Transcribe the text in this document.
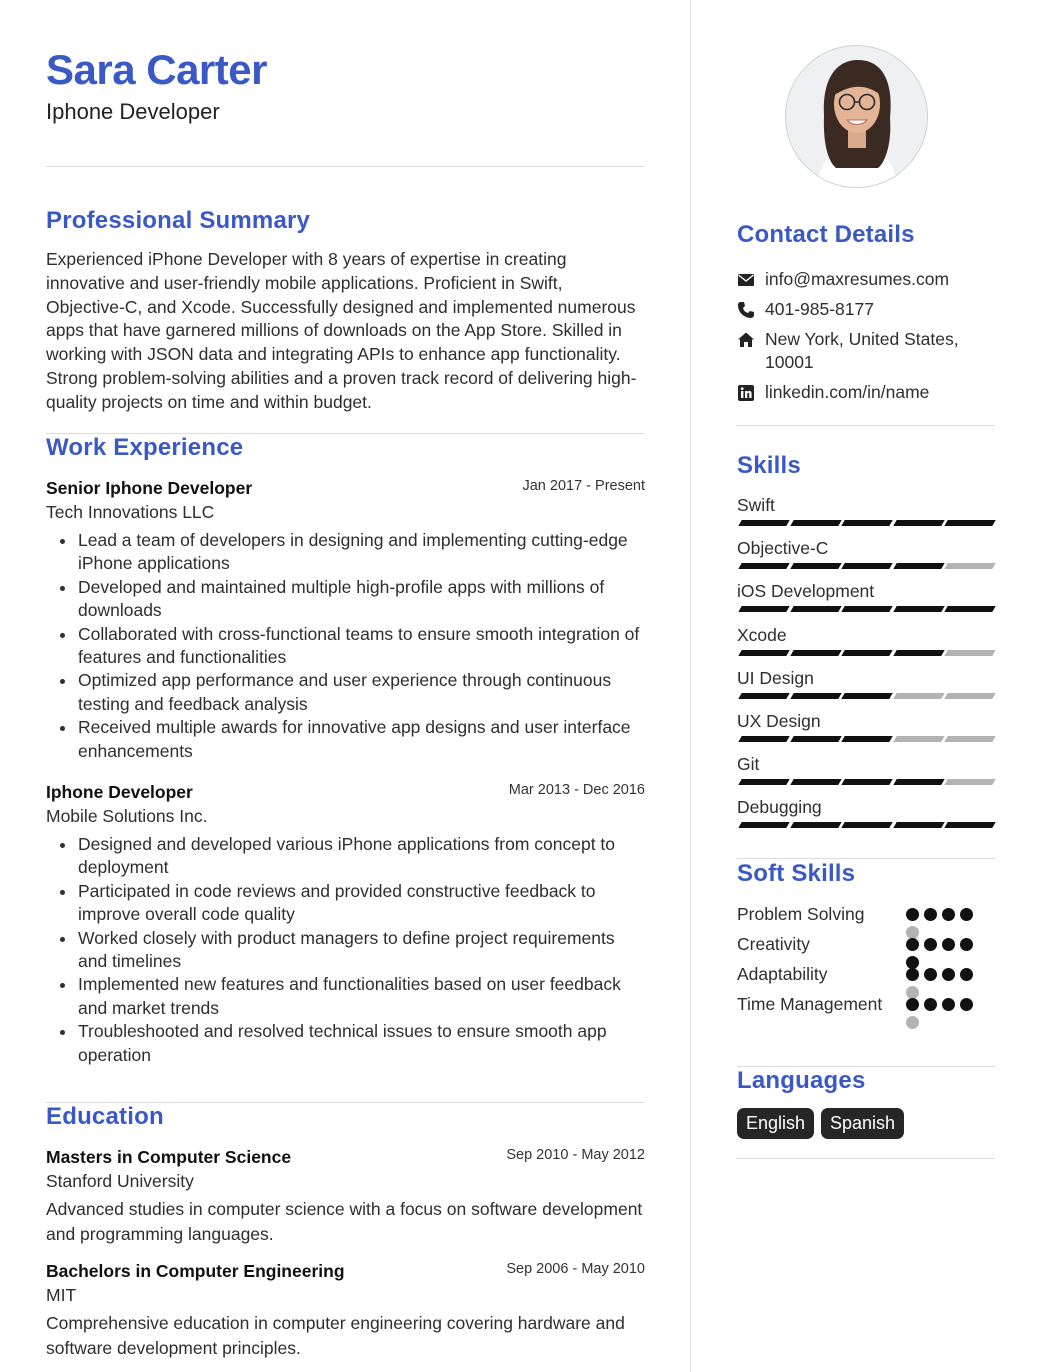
Sara Carter
Iphone Developer
Professional Summary
Experienced iPhone Developer with 8 years of expertise in creating innovative and user-friendly mobile applications. Proficient in Swift, Objective-C, and Xcode. Successfully designed and implemented numerous apps that have garnered millions of downloads on the App Store. Skilled in working with JSON data and integrating APIs to enhance app functionality. Strong problem-solving abilities and a proven track record of delivering high-quality projects on time and within budget.
Work Experience
Senior Iphone Developer	Jan 2017 - Present
Tech Innovations LLC
Lead a team of developers in designing and implementing cutting-edge iPhone applications
Developed and maintained multiple high-profile apps with millions of downloads
Collaborated with cross-functional teams to ensure smooth integration of features and functionalities
Optimized app performance and user experience through continuous testing and feedback analysis
Received multiple awards for innovative app designs and user interface enhancements
Iphone Developer	Mar 2013 - Dec 2016
Mobile Solutions Inc.
Designed and developed various iPhone applications from concept to deployment
Participated in code reviews and provided constructive feedback to improve overall code quality
Worked closely with product managers to define project requirements and timelines
Implemented new features and functionalities based on user feedback and market trends
Troubleshooted and resolved technical issues to ensure smooth app operation
Education
Masters in Computer Science	Sep 2010 - May 2012
Stanford University
Advanced studies in computer science with a focus on software development and programming languages.
Bachelors in Computer Engineering	Sep 2006 - May 2010
MIT
Comprehensive education in computer engineering covering hardware and software development principles.
Contact Details
info@maxresumes.com
401-985-8177
New York, United States, 10001
linkedin.com/in/name
Skills
Swift
Objective-C
iOS Development
Xcode
UI Design
UX Design
Git
Debugging
Soft Skills
Problem Solving
Creativity
Adaptability
Time Management
Languages
English	Spanish
